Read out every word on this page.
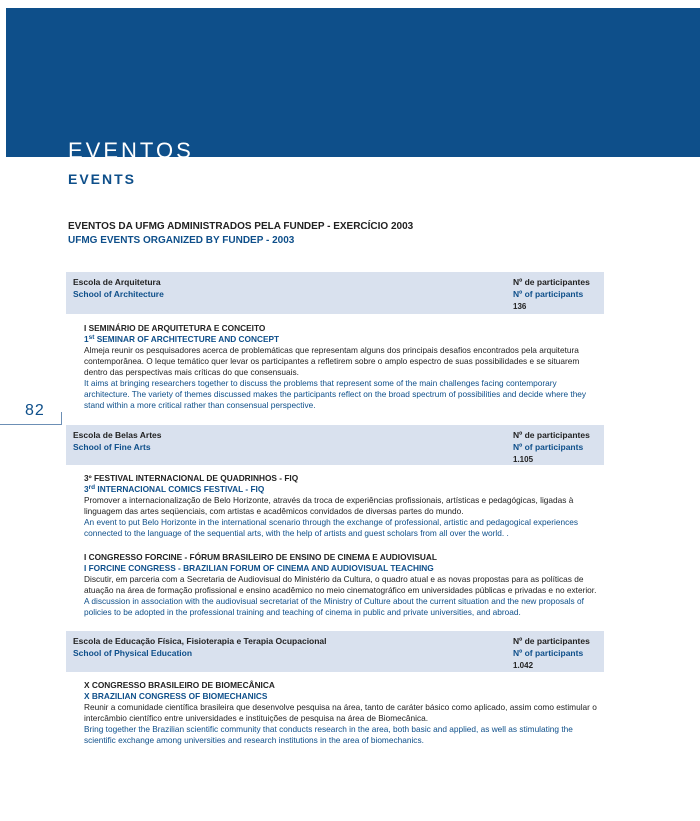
EVENTOS
EVENTS
EVENTOS DA UFMG ADMINISTRADOS PELA FUNDEP - EXERCÍCIO 2003
UFMG EVENTS ORGANIZED BY FUNDEP - 2003
82
Escola de Arquitetura
School of Architecture
Nº de participantes
Nº of participants
136
I SEMINÁRIO DE ARQUITETURA E CONCEITO
1st SEMINAR OF ARCHITECTURE AND CONCEPT
Almeja reunir os pesquisadores acerca de problemáticas que representam alguns dos principais desafios encontrados pela arquitetura contemporânea. O leque temático quer levar os participantes a refletirem sobre o amplo espectro de suas possibilidades e se situarem dentro das perspectivas mais críticas do que consensuais.
It aims at bringing researchers together to discuss the problems that represent some of the main challenges facing contemporary architecture. The variety of themes discussed makes the participants reflect on the broad spectrum of possibilities and decide where they stand within a more critical rather than consensual perspective.
Escola de Belas Artes
School of Fine Arts
Nº de participantes
Nº of participants
1.105
3º FESTIVAL INTERNACIONAL DE QUADRINHOS - FIQ
3rd INTERNACIONAL COMICS FESTIVAL - FIQ
Promover a internacionalização de Belo Horizonte, através da troca de experiências profissionais, artísticas e pedagógicas, ligadas à linguagem das artes seqüenciais, com artistas e acadêmicos convidados de diversas partes do mundo.
An event to put Belo Horizonte in the international scenario through the exchange of professional, artistic and pedagogical experiences connected to the language of the sequential arts, with the help of artists and guest scholars from all over the world. .
I CONGRESSO FORCINE - FÓRUM BRASILEIRO DE ENSINO DE CINEMA E AUDIOVISUAL
I FORCINE CONGRESS - BRAZILIAN FORUM OF CINEMA AND AUDIOVISUAL TEACHING
Discutir, em parceria com a Secretaria de Audiovisual do Ministério da Cultura, o quadro atual e as novas propostas para as políticas de atuação na área de formação profissional e ensino acadêmico no meio cinematográfico em universidades públicas e privadas e no exterior.
A discussion in association with the audiovisual secretariat of the Ministry of Culture about the current situation and the new proposals of policies to be adopted in the professional training and teaching of cinema in public and private universities, and abroad.
Escola de Educação Física, Fisioterapia e Terapia Ocupacional
School of Physical Education
Nº de participantes
Nº of participants
1.042
X CONGRESSO BRASILEIRO DE BIOMECÂNICA
X BRAZILIAN CONGRESS OF BIOMECHANICS
Reunir a comunidade científica brasileira que desenvolve pesquisa na área, tanto de caráter básico como aplicado, assim como estimular o intercâmbio científico entre universidades e instituições de pesquisa na área de Biomecânica.
Bring together the Brazilian scientific community that conducts research in the area, both basic and applied, as well as stimulating the scientific exchange among universities and research institutions in the area of biomechanics.
